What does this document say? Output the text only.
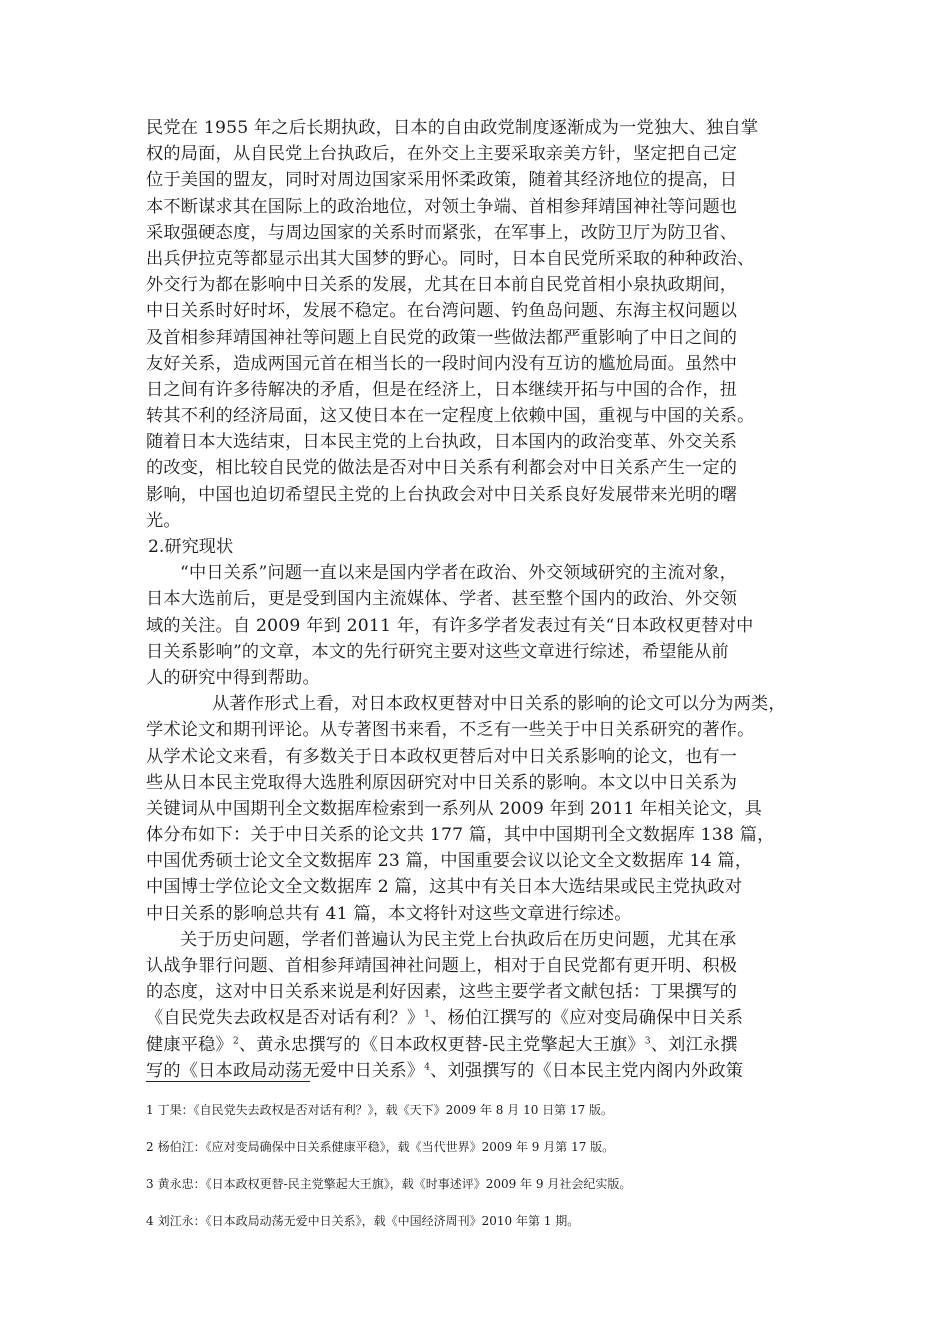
民党在 1955 年之后长期执政，日本的自由政党制度逐渐成为一党独大、独自掌
权的局面，从自民党上台执政后，在外交上主要采取亲美方针，坚定把自己定
位于美国的盟友，同时对周边国家采用怀柔政策，随着其经济地位的提高，日
本不断谋求其在国际上的政治地位，对领土争端、首相参拜靖国神社等问题也
采取强硬态度，与周边国家的关系时而紧张，在军事上，改防卫厅为防卫省、
出兵伊拉克等都显示出其大国梦的野心。同时，日本自民党所采取的种种政治、
外交行为都在影响中日关系的发展，尤其在日本前自民党首相小泉执政期间，
中日关系时好时坏，发展不稳定。在台湾问题、钓鱼岛问题、东海主权问题以
及首相参拜靖国神社等问题上自民党的政策一些做法都严重影响了中日之间的
友好关系，造成两国元首在相当长的一段时间内没有互访的尴尬局面。虽然中
日之间有许多待解决的矛盾，但是在经济上，日本继续开拓与中国的合作，扭
转其不利的经济局面，这又使日本在一定程度上依赖中国，重视与中国的关系。
随着日本大选结束，日本民主党的上台执政，日本国内的政治变革、外交关系
的改变，相比较自民党的做法是否对中日关系有利都会对中日关系产生一定的
影响，中国也迫切希望民主党的上台执政会对中日关系良好发展带来光明的曙
光。
2.研究现状
“中日关系”问题一直以来是国内学者在政治、外交领域研究的主流对象，
日本大选前后，更是受到国内主流媒体、学者、甚至整个国内的政治、外交领
域的关注。自 2009 年到 2011 年，有许多学者发表过有关“日本政权更替对中
日关系影响”的文章，本文的先行研究主要对这些文章进行综述，希望能从前
人的研究中得到帮助。
从著作形式上看，对日本政权更替对中日关系的影响的论文可以分为两类，
学术论文和期刊评论。从专著图书来看，不乏有一些关于中日关系研究的著作。
从学术论文来看，有多数关于日本政权更替后对中日关系影响的论文，也有一
些从日本民主党取得大选胜利原因研究对中日关系的影响。本文以中日关系为
关键词从中国期刊全文数据库检索到一系列从 2009 年到 2011 年相关论文，具
体分布如下：关于中日关系的论文共 177 篇，其中中国期刊全文数据库 138 篇，
中国优秀硕士论文全文数据库 23 篇，中国重要会议以论文全文数据库 14 篇，
中国博士学位论文全文数据库 2 篇，这其中有关日本大选结果或民主党执政对
中日关系的影响总共有 41 篇，本文将针对这些文章进行综述。
关于历史问题，学者们普遍认为民主党上台执政后在历史问题，尤其在承
认战争罪行问题、首相参拜靖国神社问题上，相对于自民党都有更开明、积极
的态度，这对中日关系来说是利好因素，这些主要学者文献包括：丁果撰写的
《自民党失去政权是否对话有利？》$^1$、杨伯江撰写的《应对变局确保中日关系
健康平稳》$^2$、黄永忠撰写的《日本政权更替-民主党擎起大王旗》$^3$、刘江永撰
写的《日本政局动荡无爱中日关系》$^4$、刘强撰写的《日本民主党内阁内外政策
1 丁果：《自民党失去政权是否对话有利？》，载《天下》2009 年 8 月 10 日第 17 版。
2 杨伯江：《应对变局确保中日关系健康平稳》，载《当代世界》2009 年 9 月第 17 版。
3 黄永忠：《日本政权更替-民主党擎起大王旗》，载《时事述评》2009 年 9 月社会纪实版。
4 刘江永：《日本政局动荡无爱中日关系》，载《中国经济周刊》2010 年第 1 期。
